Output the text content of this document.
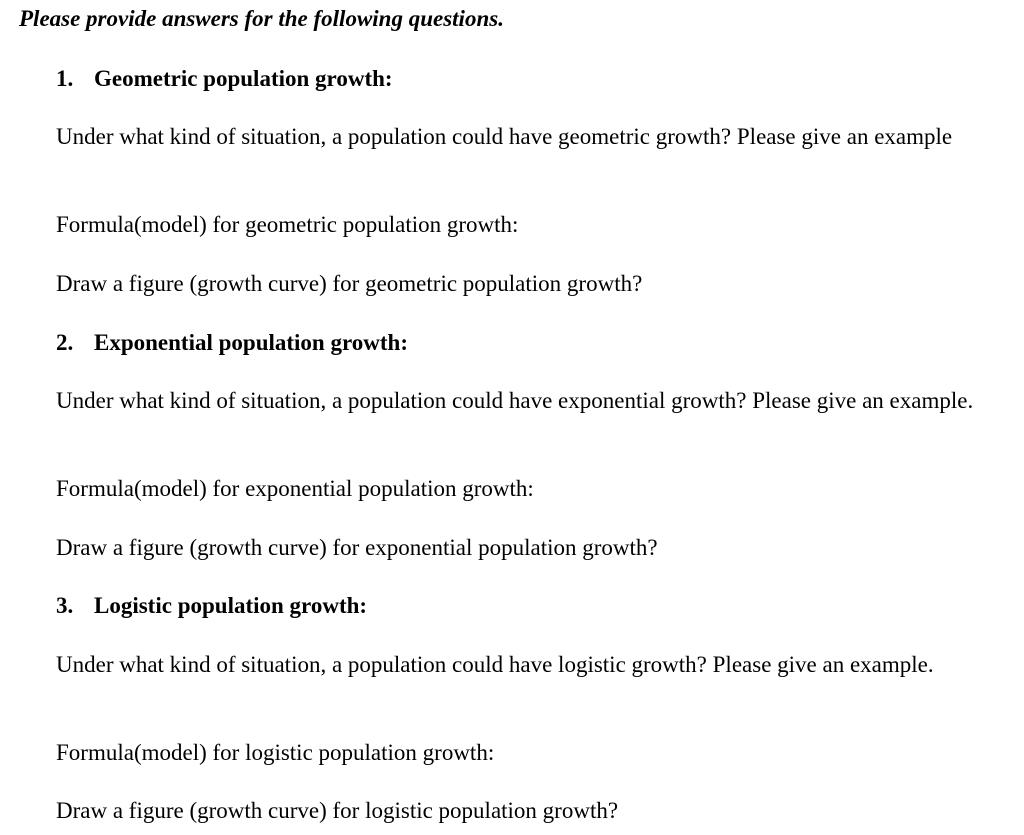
Please provide answers for the following questions.
1. Geometric population growth:
Under what kind of situation, a population could have geometric growth? Please give an example
Formula(model) for geometric population growth:
Draw a figure (growth curve) for geometric population growth?
2. Exponential population growth:
Under what kind of situation, a population could have exponential growth? Please give an example.
Formula(model) for exponential population growth:
Draw a figure (growth curve) for exponential population growth?
3. Logistic population growth:
Under what kind of situation, a population could have logistic growth? Please give an example.
Formula(model) for logistic population growth:
Draw a figure (growth curve) for logistic population growth?
